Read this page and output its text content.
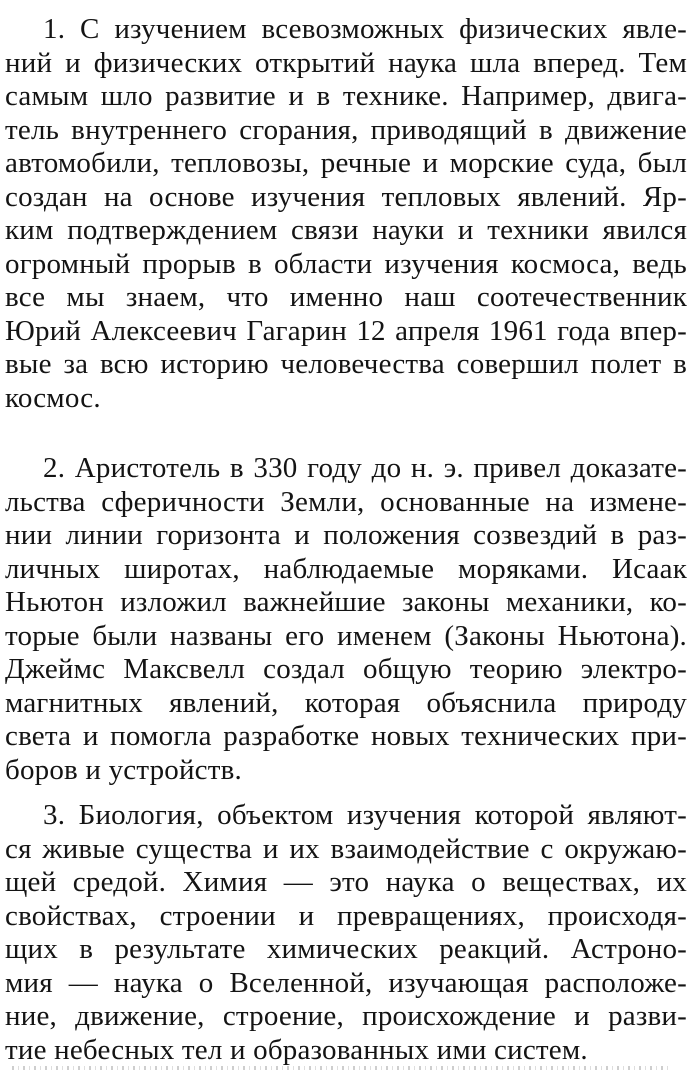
1. С изучением всевозможных физических явле-
ний и физических открытий наука шла вперед. Тем
самым шло развитие и в технике. Например, двига-
тель внутреннего сгорания, приводящий в движение
автомобили, тепловозы, речные и морские суда, был
создан на основе изучения тепловых явлений. Яр-
ким подтверждением связи науки и техники явился
огромный прорыв в области изучения космоса, ведь
все мы знаем, что именно наш соотечественник
Юрий Алексеевич Гагарин 12 апреля 1961 года впер-
вые за всю историю человечества совершил полет в
космос.
2. Аристотель в 330 году до н. э. привел доказате-
льства сферичности Земли, основанные на измене-
нии линии горизонта и положения созвездий в раз-
личных широтах, наблюдаемые моряками. Исаак
Ньютон изложил важнейшие законы механики, ко-
торые были названы его именем (Законы Ньютона).
Джеймс Максвелл создал общую теорию электро-
магнитных явлений, которая объяснила природу
света и помогла разработке новых технических при-
боров и устройств.
3. Биология, объектом изучения которой являют-
ся живые существа и их взаимодействие с окружаю-
щей средой. Химия — это наука о веществах, их
свойствах, строении и превращениях, происходя-
щих в результате химических реакций. Астроно-
мия — наука о Вселенной, изучающая расположе-
ние, движение, строение, происхождение и разви-
тие небесных тел и образованных ими систем.
